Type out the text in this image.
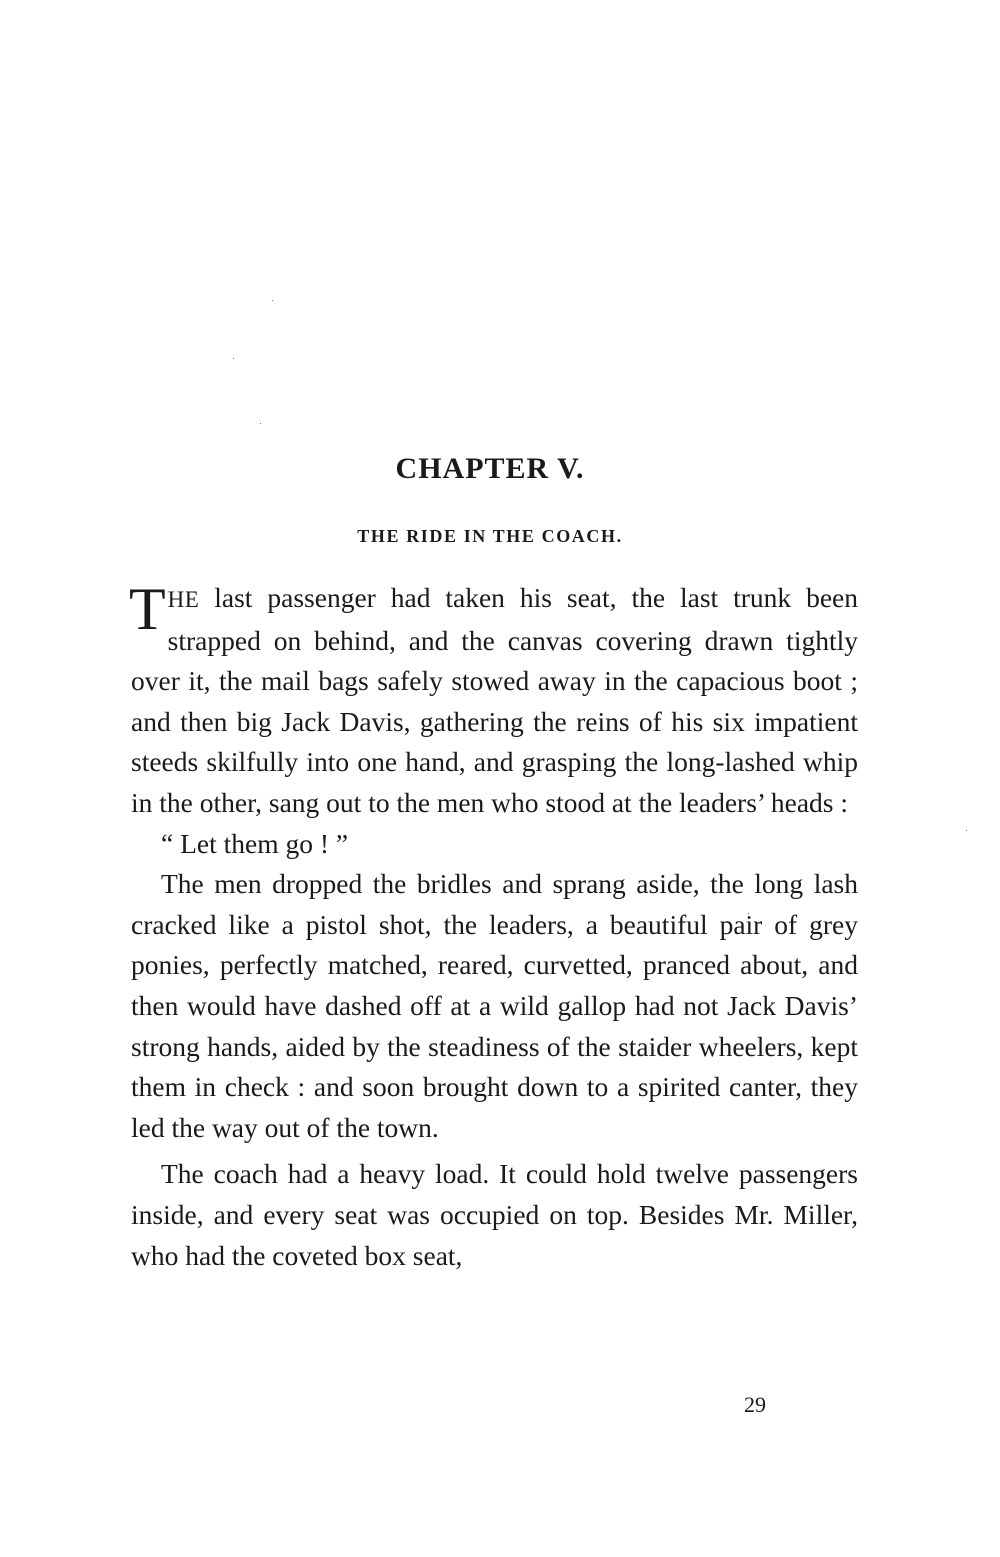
CHAPTER V.
THE RIDE IN THE COACH.

THE last passenger had taken his seat, the last trunk been strapped on behind, and the canvas covering drawn tightly over it, the mail bags safely stowed away in the capacious boot ; and then big Jack Davis, gathering the reins of his six impatient steeds skilfully into one hand, and grasping the long-lashed whip in the other, sang out to the men who stood at the leaders’ heads :

“ Let them go ! ”

The men dropped the bridles and sprang aside, the long lash cracked like a pistol shot, the leaders, a beautiful pair of grey ponies, perfectly matched, reared, curvetted, pranced about, and then would have dashed off at a wild gallop had not Jack Davis’ strong hands, aided by the steadiness of the staider wheelers, kept them in check : and soon brought down to a spirited canter, they led the way out of the town.

The coach had a heavy load. It could hold twelve passengers inside, and every seat was occupied on top. Besides Mr. Miller, who had the coveted box seat,

29
